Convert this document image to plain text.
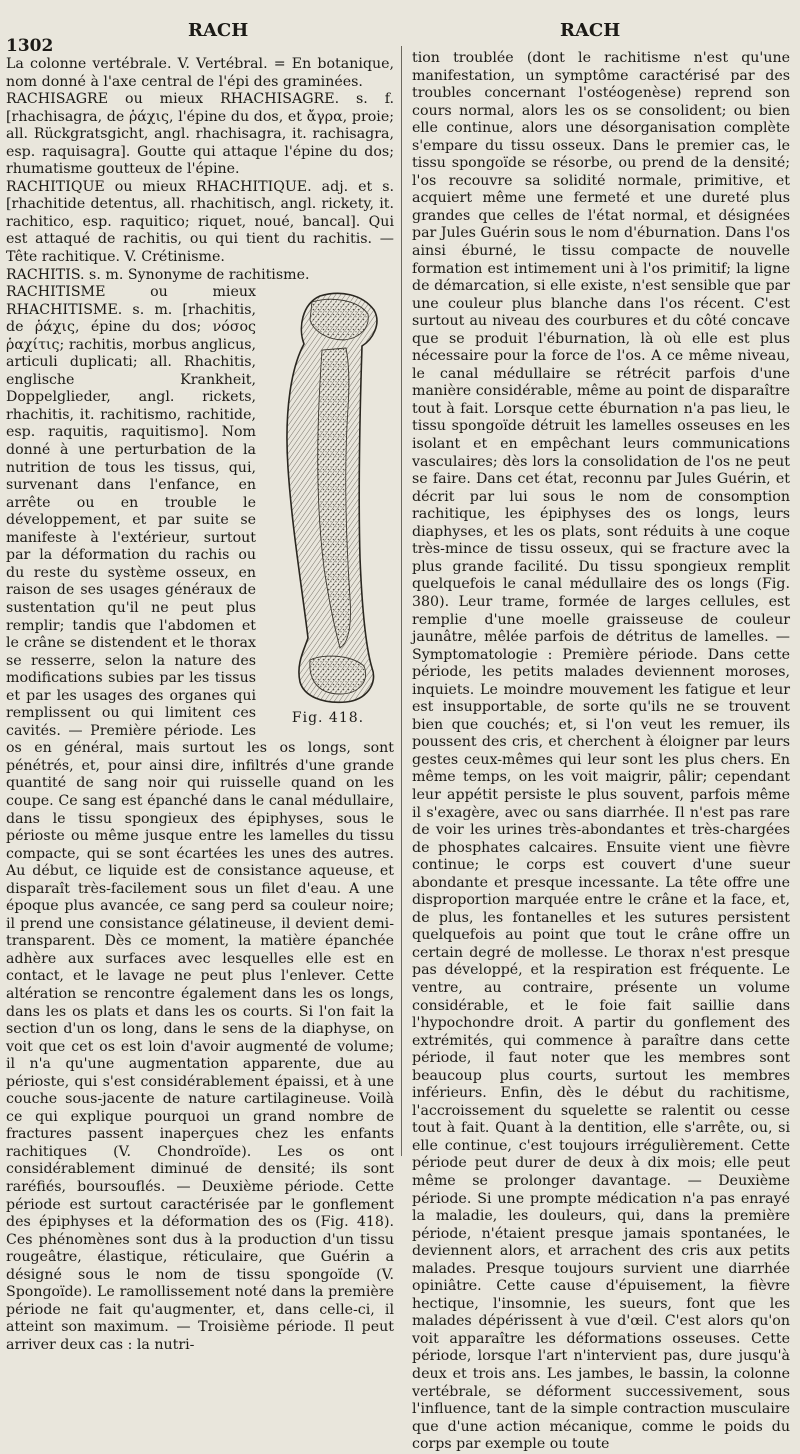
1302
RACH	RACH

La colonne vertébrale. V. Vertébral. = En botanique, nom donné à l'axe central de l'épi des graminées.

RACHISAGRE ou mieux RHACHISAGRE. s. f. [rhachisagra, de ῥάχις, l'épine du dos, et ἄγρα, proie; all. Rückgratsgicht, angl. rhachisagra, it. rachisagra, esp. raquisagra]. Goutte qui attaque l'épine du dos; rhumatisme goutteux de l'épine.

RACHITIQUE ou mieux RHACHITIQUE. adj. et s. [rhachitide detentus, all. rhachitisch, angl. rickety, it. rachitico, esp. raquitico; riquet, noué, bancal]. Qui est attaqué de rachitis, ou qui tient du rachitis. — Tête rachitique. V. Crétinisme.

RACHITIS. s. m. Synonyme de rachitisme.

Fig. 418.

RACHITISME ou mieux RHACHITISME. s. m. [rhachitis, de ῥάχις, épine du dos; νόσος ῥαχίτις; rachitis, morbus anglicus, articuli duplicati; all. Rhachitis, englische Krankheit, Doppelglieder, angl. rickets, rhachitis, it. rachitismo, rachitide, esp. raquitis, raquitismo]. Nom donné à une perturbation de la nutrition de tous les tissus, qui, survenant dans l'enfance, en arrête ou en trouble le développement, et par suite se manifeste à l'extérieur, surtout par la déformation du rachis ou du reste du système osseux, en raison de ses usages généraux de sustentation qu'il ne peut plus remplir; tandis que l'abdomen et le crâne se distendent et le thorax se resserre, selon la nature des modifications subies par les tissus et par les usages des organes qui remplissent ou qui limitent ces cavités. — Première période. Les os en général, mais surtout les os longs, sont pénétrés, et, pour ainsi dire, infiltrés d'une grande quantité de sang noir qui ruisselle quand on les coupe. Ce sang est épanché dans le canal médullaire, dans le tissu spongieux des épiphyses, sous le périoste ou même jusque entre les lamelles du tissu compacte, qui se sont écartées les unes des autres. Au début, ce liquide est de consistance aqueuse, et disparaît très-facilement sous un filet d'eau. A une époque plus avancée, ce sang perd sa couleur noire; il prend une consistance gélatineuse, il devient demi-transparent. Dès ce moment, la matière épanchée adhère aux surfaces avec lesquelles elle est en contact, et le lavage ne peut plus l'enlever. Cette altération se rencontre également dans les os longs, dans les os plats et dans les os courts. Si l'on fait la section d'un os long, dans le sens de la diaphyse, on voit que cet os est loin d'avoir augmenté de volume; il n'a qu'une augmentation apparente, due au périoste, qui s'est considérablement épaissi, et à une couche sous-jacente de nature cartilagineuse. Voilà ce qui explique pourquoi un grand nombre de fractures passent inaperçues chez les enfants rachitiques (V. Chondroïde). Les os ont considérablement diminué de densité; ils sont raréfiés, boursouflés. — Deuxième période. Cette période est surtout caractérisée par le gonflement des épiphyses et la déformation des os (Fig. 418). Ces phénomènes sont dus à la production d'un tissu rougeâtre, élastique, réticulaire, que Guérin a désigné sous le nom de tissu spongoïde (V. Spongoïde). Le ramollissement noté dans la première période ne fait qu'augmenter, et, dans celle-ci, il atteint son maximum. — Troisième période. Il peut arriver deux cas : la nutri-

tion troublée (dont le rachitisme n'est qu'une manifestation, un symptôme caractérisé par des troubles concernant l'ostéogenèse) reprend son cours normal, alors les os se consolident; ou bien elle continue, alors une désorganisation complète s'empare du tissu osseux. Dans le premier cas, le tissu spongoïde se résorbe, ou prend de la densité; l'os recouvre sa solidité normale, primitive, et acquiert même une fermeté et une dureté plus grandes que celles de l'état normal, et désignées par Jules Guérin sous le nom d'éburnation. Dans l'os ainsi éburné, le tissu compacte de nouvelle formation est intimement uni à l'os primitif; la ligne de démarcation, si elle existe, n'est sensible que par une couleur plus blanche dans l'os récent. C'est surtout au niveau des courbures et du côté concave que se produit l'éburnation, là où elle est plus nécessaire pour la force de l'os. A ce même niveau, le canal médullaire se rétrécit parfois d'une manière considérable, même au point de disparaître tout à fait. Lorsque cette éburnation n'a pas lieu, le tissu spongoïde détruit les lamelles osseuses en les isolant et en empêchant leurs communications vasculaires; dès lors la consolidation de l'os ne peut se faire. Dans cet état, reconnu par Jules Guérin, et décrit par lui sous le nom de consomption rachitique, les épiphyses des os longs, leurs diaphyses, et les os plats, sont réduits à une coque très-mince de tissu osseux, qui se fracture avec la plus grande facilité. Du tissu spongieux remplit quelquefois le canal médullaire des os longs (Fig. 380). Leur trame, formée de larges cellules, est remplie d'une moelle graisseuse de couleur jaunâtre, mêlée parfois de détritus de lamelles. — Symptomatologie : Première période. Dans cette période, les petits malades deviennent moroses, inquiets. Le moindre mouvement les fatigue et leur est insupportable, de sorte qu'ils ne se trouvent bien que couchés; et, si l'on veut les remuer, ils poussent des cris, et cherchent à éloigner par leurs gestes ceux-mêmes qui leur sont les plus chers. En même temps, on les voit maigrir, pâlir; cependant leur appétit persiste le plus souvent, parfois même il s'exagère, avec ou sans diarrhée. Il n'est pas rare de voir les urines très-abondantes et très-chargées de phosphates calcaires. Ensuite vient une fièvre continue; le corps est couvert d'une sueur abondante et presque incessante. La tête offre une disproportion marquée entre le crâne et la face, et, de plus, les fontanelles et les sutures persistent quelquefois au point que tout le crâne offre un certain degré de mollesse. Le thorax n'est presque pas développé, et la respiration est fréquente. Le ventre, au contraire, présente un volume considérable, et le foie fait saillie dans l'hypochondre droit. A partir du gonflement des extrémités, qui commence à paraître dans cette période, il faut noter que les membres sont beaucoup plus courts, surtout les membres inférieurs. Enfin, dès le début du rachitisme, l'accroissement du squelette se ralentit ou cesse tout à fait. Quant à la dentition, elle s'arrête, ou, si elle continue, c'est toujours irrégulièrement. Cette période peut durer de deux à dix mois; elle peut même se prolonger davantage. — Deuxième période. Si une prompte médication n'a pas enrayé la maladie, les douleurs, qui, dans la première période, n'étaient presque jamais spontanées, le deviennent alors, et arrachent des cris aux petits malades. Presque toujours survient une diarrhée opiniâtre. Cette cause d'épuisement, la fièvre hectique, l'insomnie, les sueurs, font que les malades dépérissent à vue d'œil. C'est alors qu'on voit apparaître les déformations osseuses. Cette période, lorsque l'art n'intervient pas, dure jusqu'à deux et trois ans. Les jambes, le bassin, la colonne vertébrale, se déforment successivement, sous l'influence, tant de la simple contraction musculaire que d'une action mécanique, comme le poids du corps par exemple ou toute
